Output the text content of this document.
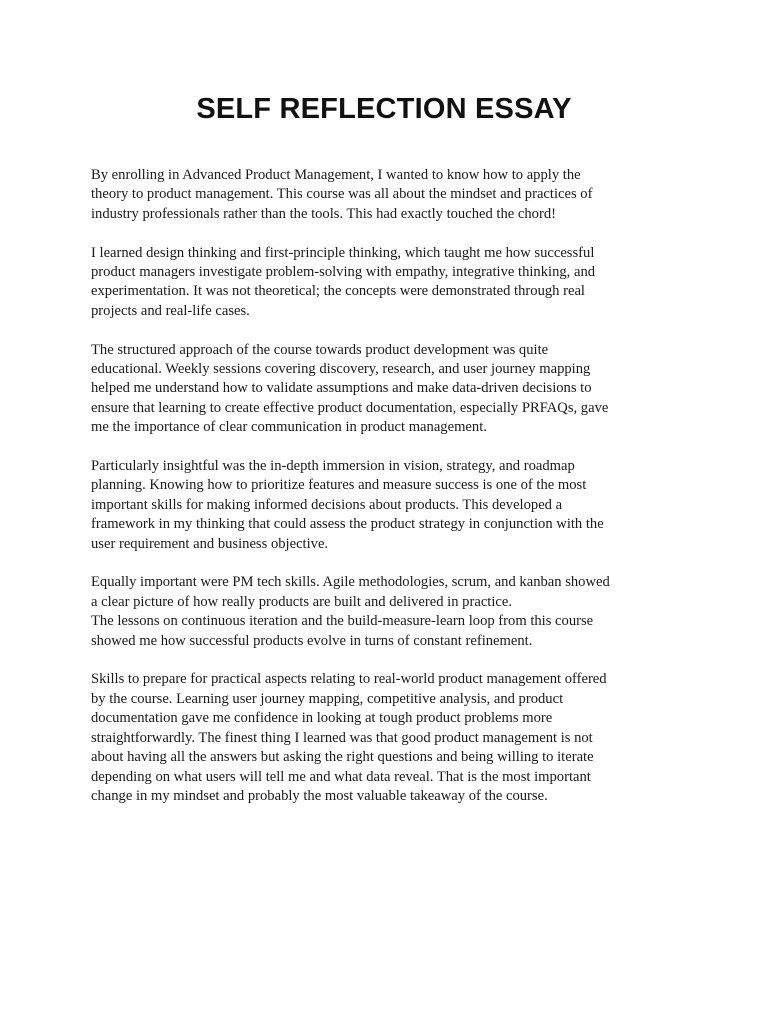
SELF REFLECTION ESSAY

By enrolling in Advanced Product Management, I wanted to know how to apply the
theory to product management. This course was all about the mindset and practices of
industry professionals rather than the tools. This had exactly touched the chord!

I learned design thinking and first-principle thinking, which taught me how successful
product managers investigate problem-solving with empathy, integrative thinking, and
experimentation. It was not theoretical; the concepts were demonstrated through real
projects and real-life cases.

The structured approach of the course towards product development was quite
educational. Weekly sessions covering discovery, research, and user journey mapping
helped me understand how to validate assumptions and make data-driven decisions to
ensure that learning to create effective product documentation, especially PRFAQs, gave
me the importance of clear communication in product management.

Particularly insightful was the in-depth immersion in vision, strategy, and roadmap
planning. Knowing how to prioritize features and measure success is one of the most
important skills for making informed decisions about products. This developed a
framework in my thinking that could assess the product strategy in conjunction with the
user requirement and business objective.

Equally important were PM tech skills. Agile methodologies, scrum, and kanban showed
a clear picture of how really products are built and delivered in practice.
The lessons on continuous iteration and the build-measure-learn loop from this course
showed me how successful products evolve in turns of constant refinement.

Skills to prepare for practical aspects relating to real-world product management offered
by the course. Learning user journey mapping, competitive analysis, and product
documentation gave me confidence in looking at tough product problems more
straightforwardly. The finest thing I learned was that good product management is not
about having all the answers but asking the right questions and being willing to iterate
depending on what users will tell me and what data reveal. That is the most important
change in my mindset and probably the most valuable takeaway of the course.
